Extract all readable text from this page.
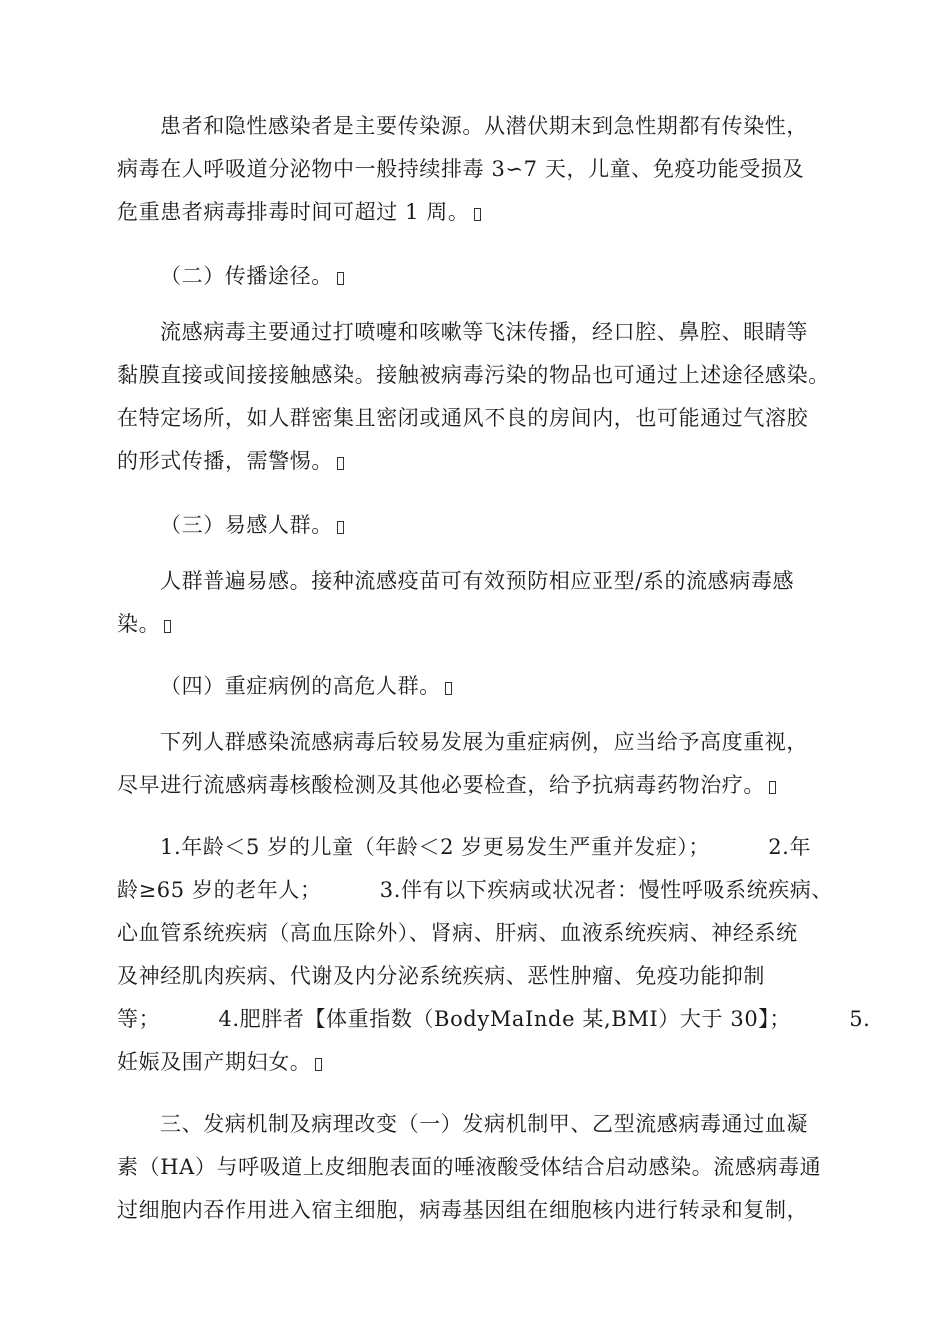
患者和隐性感染者是主要传染源。从潜伏期末到急性期都有传染性，
病毒在人呼吸道分泌物中一般持续排毒 3∽7 天，儿童、免疫功能受损及
危重患者病毒排毒时间可超过 1 周。
（二）传播途径。
流感病毒主要通过打喷嚏和咳嗽等飞沫传播，经口腔、鼻腔、眼睛等
黏膜直接或间接接触感染。接触被病毒污染的物品也可通过上述途径感染。
在特定场所，如人群密集且密闭或通风不良的房间内，也可能通过气溶胶
的形式传播，需警惕。
（三）易感人群。
人群普遍易感。接种流感疫苗可有效预防相应亚型/系的流感病毒感
染。
（四）重症病例的高危人群。
下列人群感染流感病毒后较易发展为重症病例，应当给予高度重视，
尽早进行流感病毒核酸检测及其他必要检查，给予抗病毒药物治疗。
1.年龄＜5 岁的儿童（年龄＜2 岁更易发生严重并发症）；        2.年
龄≥65 岁的老年人；        3.伴有以下疾病或状况者：慢性呼吸系统疾病、
心血管系统疾病（高血压除外）、肾病、肝病、血液系统疾病、神经系统
及神经肌肉疾病、代谢及内分泌系统疾病、恶性肿瘤、免疫功能抑制
等；        4.肥胖者【体重指数（BodyMaInde 某,BMI）大于 30】；        5.
妊娠及围产期妇女。
三、发病机制及病理改变（一）发病机制甲、乙型流感病毒通过血凝
素（HA）与呼吸道上皮细胞表面的唾液酸受体结合启动感染。流感病毒通
过细胞内吞作用进入宿主细胞，病毒基因组在细胞核内进行转录和复制，
